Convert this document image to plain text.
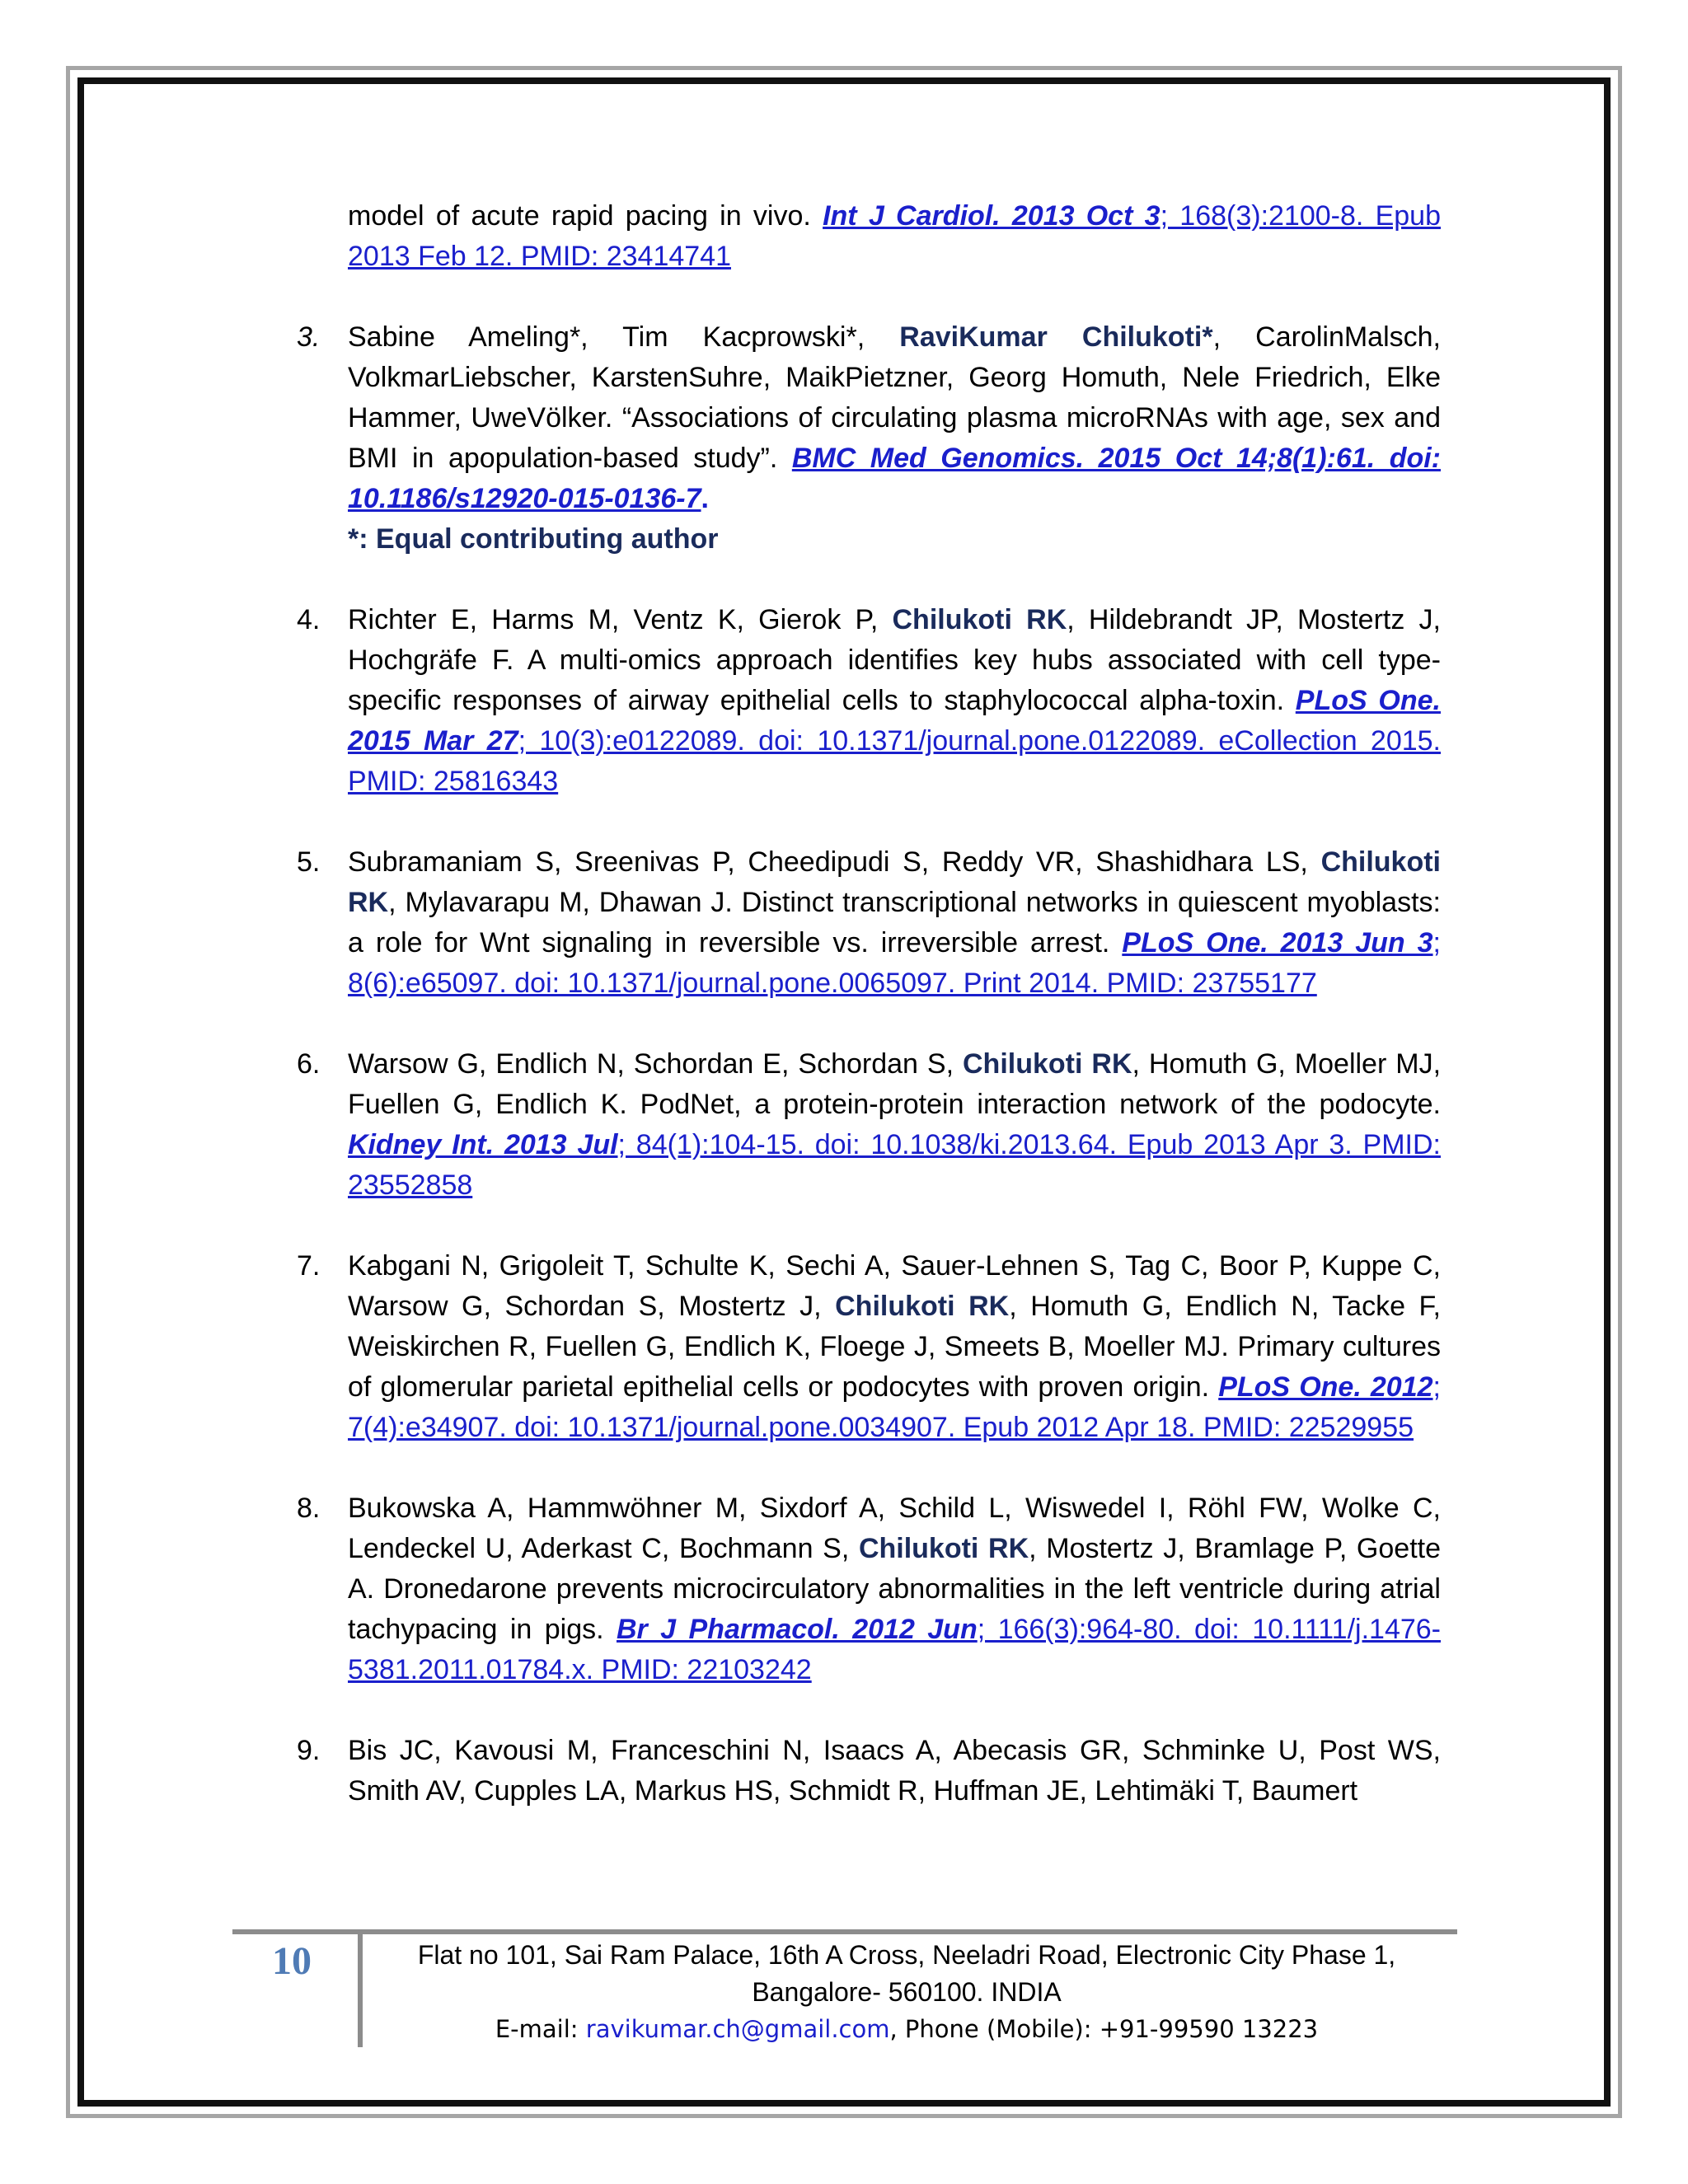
model of acute rapid pacing in vivo. Int J Cardiol. 2013 Oct 3; 168(3):2100-8. Epub 2013 Feb 12. PMID: 23414741

3. Sabine Ameling*, Tim Kacprowski*, RaviKumar Chilukoti*, CarolinMalsch, VolkmarLiebscher, KarstenSuhre, MaikPietzner, Georg Homuth, Nele Friedrich, Elke Hammer, UweVölker. “Associations of circulating plasma microRNAs with age, sex and BMI in apopulation-based study”. BMC Med Genomics. 2015 Oct 14;8(1):61. doi: 10.1186/s12920-015-0136-7.
*: Equal contributing author
4. Richter E, Harms M, Ventz K, Gierok P, Chilukoti RK, Hildebrandt JP, Mostertz J, Hochgräfe F. A multi-omics approach identifies key hubs associated with cell type-specific responses of airway epithelial cells to staphylococcal alpha-toxin. PLoS One. 2015 Mar 27; 10(3):e0122089. doi: 10.1371/journal.pone.0122089. eCollection 2015. PMID: 25816343
5. Subramaniam S, Sreenivas P, Cheedipudi S, Reddy VR, Shashidhara LS, Chilukoti RK, Mylavarapu M, Dhawan J. Distinct transcriptional networks in quiescent myoblasts: a role for Wnt signaling in reversible vs. irreversible arrest. PLoS One. 2013 Jun 3; 8(6):e65097. doi: 10.1371/journal.pone.0065097. Print 2014. PMID: 23755177
6. Warsow G, Endlich N, Schordan E, Schordan S, Chilukoti RK, Homuth G, Moeller MJ, Fuellen G, Endlich K. PodNet, a protein-protein interaction network of the podocyte. Kidney Int. 2013 Jul; 84(1):104-15. doi: 10.1038/ki.2013.64. Epub 2013 Apr 3. PMID: 23552858
7. Kabgani N, Grigoleit T, Schulte K, Sechi A, Sauer-Lehnen S, Tag C, Boor P, Kuppe C, Warsow G, Schordan S, Mostertz J, Chilukoti RK, Homuth G, Endlich N, Tacke F, Weiskirchen R, Fuellen G, Endlich K, Floege J, Smeets B, Moeller MJ. Primary cultures of glomerular parietal epithelial cells or podocytes with proven origin. PLoS One. 2012; 7(4):e34907. doi: 10.1371/journal.pone.0034907. Epub 2012 Apr 18. PMID: 22529955
8. Bukowska A, Hammwöhner M, Sixdorf A, Schild L, Wiswedel I, Röhl FW, Wolke C, Lendeckel U, Aderkast C, Bochmann S, Chilukoti RK, Mostertz J, Bramlage P, Goette A. Dronedarone prevents microcirculatory abnormalities in the left ventricle during atrial tachypacing in pigs. Br J Pharmacol. 2012 Jun; 166(3):964-80. doi: 10.1111/j.1476-5381.2011.01784.x. PMID: 22103242
9. Bis JC, Kavousi M, Franceschini N, Isaacs A, Abecasis GR, Schminke U, Post WS, Smith AV, Cupples LA, Markus HS, Schmidt R, Huffman JE, Lehtimäki T, Baumert
10	Flat no 101, Sai Ram Palace, 16th A Cross, Neeladri Road, Electronic City Phase 1,
Bangalore- 560100. INDIA
E-mail: ravikumar.ch@gmail.com, Phone (Mobile): +91-99590 13223
